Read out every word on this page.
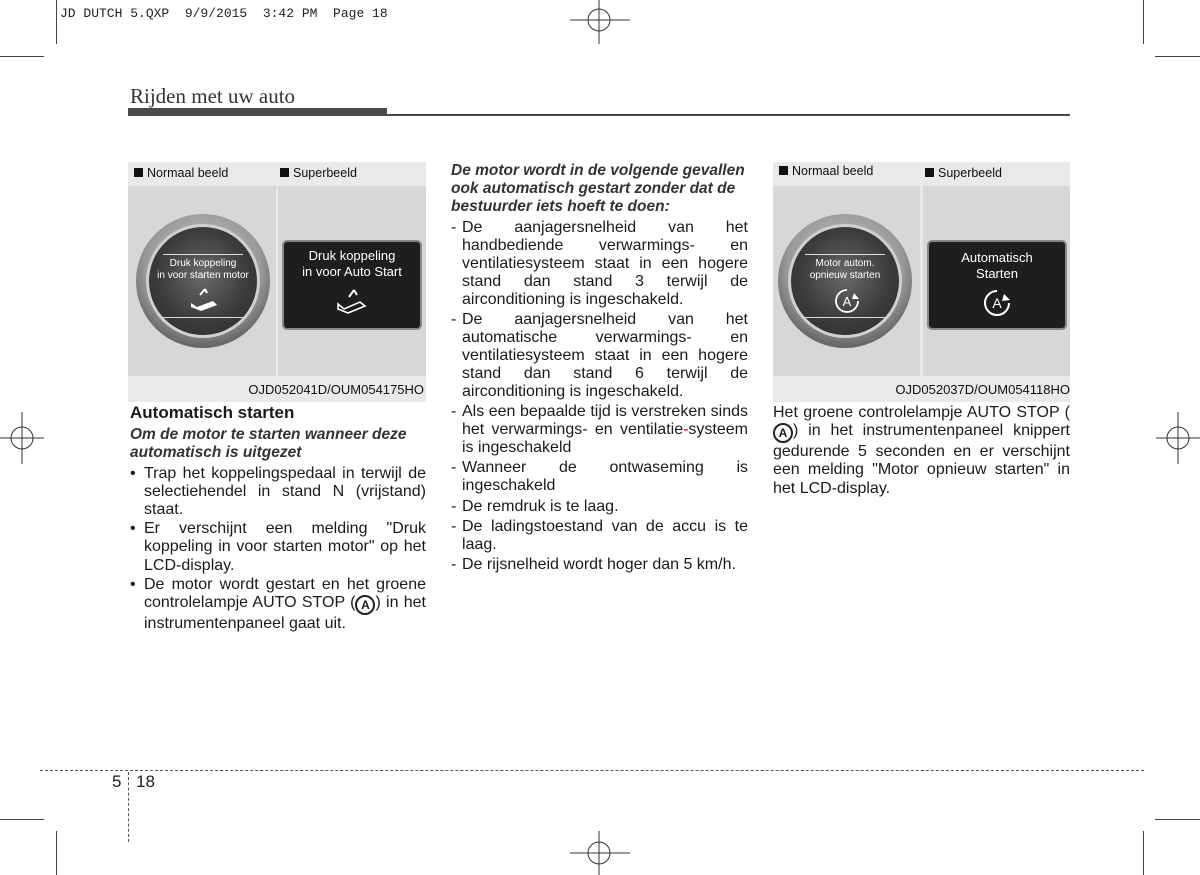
JD DUTCH 5.QXP  9/9/2015  3:42 PM  Page 18
Rijden met uw auto
Normaal beeld	Superbeeld
Druk koppeling
in voor starten motor
Druk koppeling
in voor Auto Start
OJD052041D/OUM054175HO
Normaal beeld	Superbeeld
Motor autom.
opnieuw starten
A
Automatisch
Starten
A
OJD052037D/OUM054118HO
Automatisch starten
Om de motor te starten wanneer deze automatisch is uitgezet
• Trap het koppelingspedaal in terwijl de selectiehendel in stand N (vrijstand) staat.
• Er verschijnt een melding "Druk koppeling in voor starten motor" op het LCD-display.
• De motor wordt gestart en het groene controlelampje AUTO STOP ( A ) in het instrumentenpaneel gaat uit.
De motor wordt in de volgende gevallen ook automatisch gestart zonder dat de bestuurder iets hoeft te doen:
- De aanjagersnelheid van het handbediende verwarmings- en ventilatiesysteem staat in een hogere stand dan stand 3 terwijl de airconditioning is ingeschakeld.
- De aanjagersnelheid van het automatische verwarmings- en ventilatiesysteem staat in een hogere stand dan stand 6 terwijl de airconditioning is ingeschakeld.
- Als een bepaalde tijd is verstreken sinds het verwarmings- en ventilatie-systeem is ingeschakeld
- Wanneer de ontwaseming is ingeschakeld
- De remdruk is te laag.
- De ladingstoestand van de accu is te laag.
- De rijsnelheid wordt hoger dan 5 km/h.
Het groene controlelampje AUTO STOP (A ) in het instrumentenpaneel knippert gedurende 5 seconden en er verschijnt een melding "Motor opnieuw starten" in het LCD-display.
5 18
